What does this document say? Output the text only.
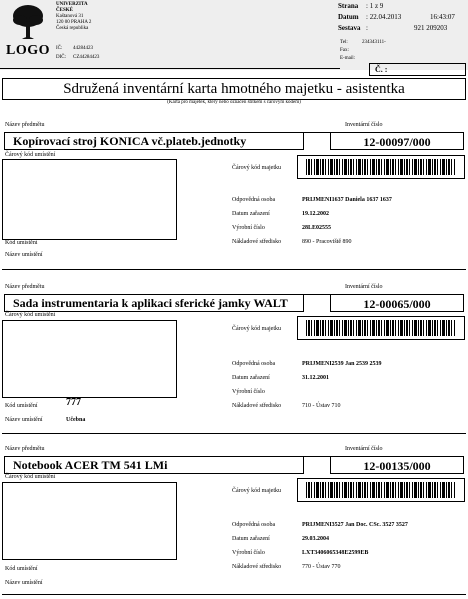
LOGO
UNIVERZITA
ČESKÉ
Kaštanová 31
120 00 PRAHA 2
Česká republika
IČ: 44284423
DIČ: CZ44284423
Strana : 1 z 9
Datum : 22.04.2013	16:43:07
Sestava :	921 209203
Tel:	234343111-
Fax:
E-mail:
Č. :
Sdružená inventární karta hmotného majetku - asistentka
(Karta pro majetek, který nebo označen štítkem s čárovým kódem)
Název předmětu	Inventární číslo
Kopírovací stroj KONICA vč.plateb.jednotky	12-00097/000
Čárový kód umístění
Čárový kód majetku
Odpovědná osoba	PRIJMENI1637 Daniela 1637 1637
Datum zařazení	19.12.2002
Výrobní číslo	28LE02555
Nákladové středisko	890 - Pracoviště 890
Kód umístění
Název umístění
Název předmětu	Inventární číslo
Sada instrumentaria k aplikaci sferické jamky WALT	12-00065/000
Čárový kód umístění
Čárový kód majetku
Odpovědná osoba	PRIJMENI2539 Jan 2539 2539
Datum zařazení	31.12.2001
Výrobní číslo
Nákladové středisko	710 - Ústav 710
Kód umístění	777
Název umístění	Učebna
Název předmětu	Inventární číslo
Notebook ACER TM 541 LMi	12-00135/000
Čárový kód umístění
Čárový kód majetku
Odpovědná osoba	PRIJMENI3527 Jan Doc. CSc. 3527 3527
Datum zařazení	29.03.2004
Výrobní číslo	LXT3406065348E2599EB
Nákladové středisko	770 - Ústav 770
Kód umístění
Název umístění
